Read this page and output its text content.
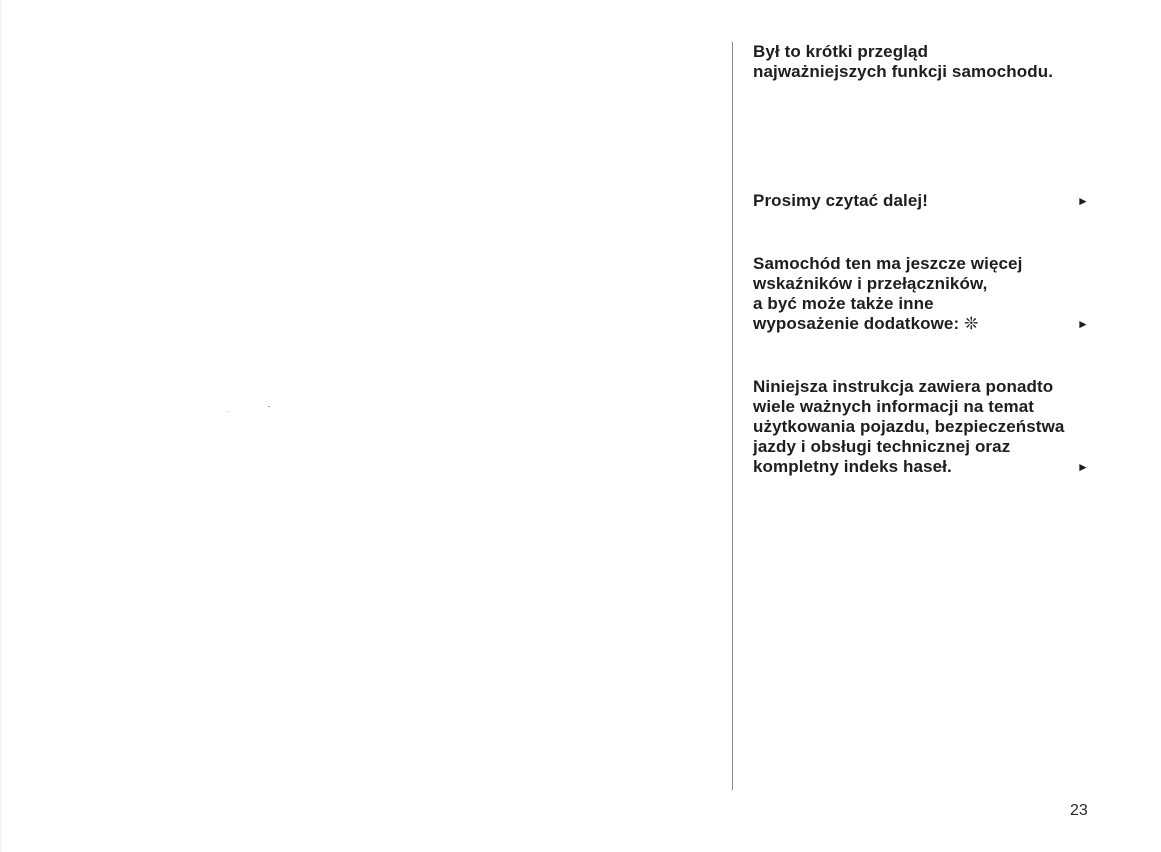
Był to krótki przegląd
najważniejszych funkcji samochodu.
Prosimy czytać dalej!	►
Samochód ten ma jeszcze więcej
wskaźników i przełączników,
a być może także inne
wyposażenie dodatkowe: ❊	►
Niniejsza instrukcja zawiera ponadto
wiele ważnych informacji na temat
użytkowania pojazdu, bezpieczeństwa
jazdy i obsługi technicznej oraz
kompletny indeks haseł.	►
23
